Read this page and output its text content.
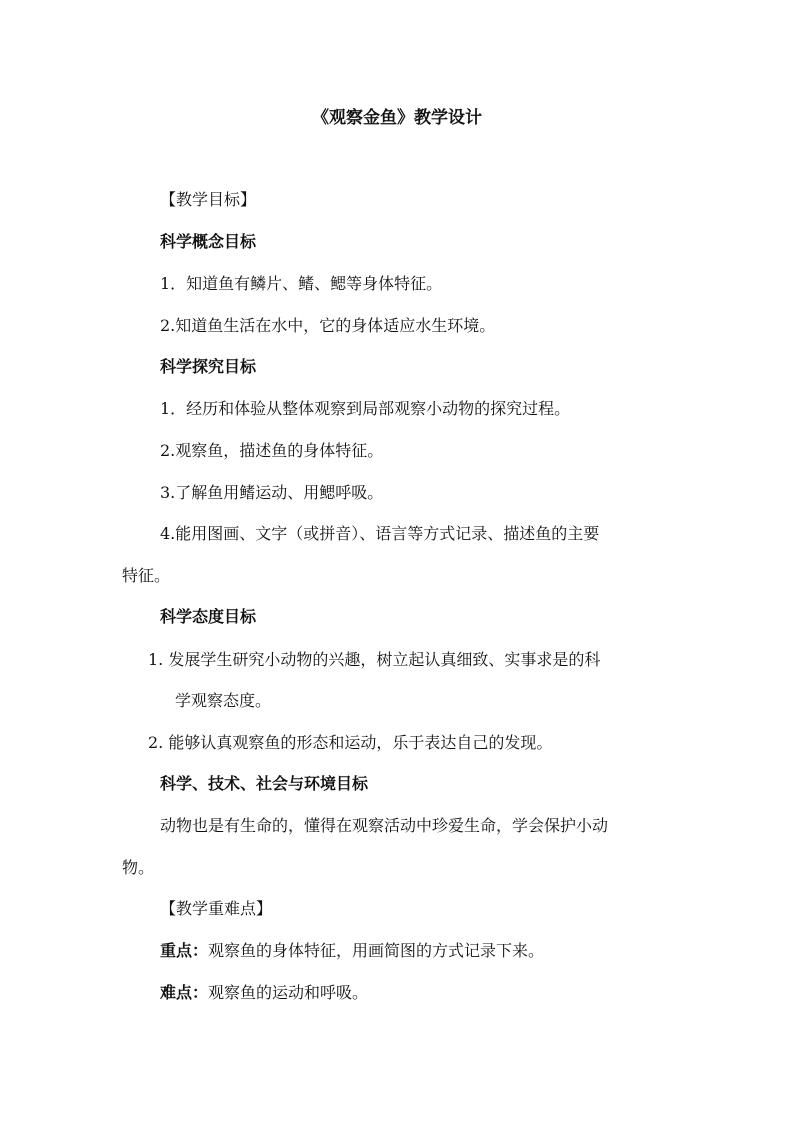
《观察金鱼》教学设计
【教学目标】
科学概念目标
1．知道鱼有鳞片、鳍、鳃等身体特征。
2.知道鱼生活在水中，它的身体适应水生环境。
科学探究目标
1．经历和体验从整体观察到局部观察小动物的探究过程。
2.观察鱼，描述鱼的身体特征。
3.了解鱼用鳍运动、用鳃呼吸。
4.能用图画、文字（或拼音）、语言等方式记录、描述鱼的主要
特征。
科学态度目标
1. 发展学生研究小动物的兴趣，树立起认真细致、实事求是的科
学观察态度。
2. 能够认真观察鱼的形态和运动，乐于表达自己的发现。
科学、技术、社会与环境目标
动物也是有生命的，懂得在观察活动中珍爱生命，学会保护小动
物。
【教学重难点】
重点：观察鱼的身体特征，用画简图的方式记录下来。
难点：观察鱼的运动和呼吸。
